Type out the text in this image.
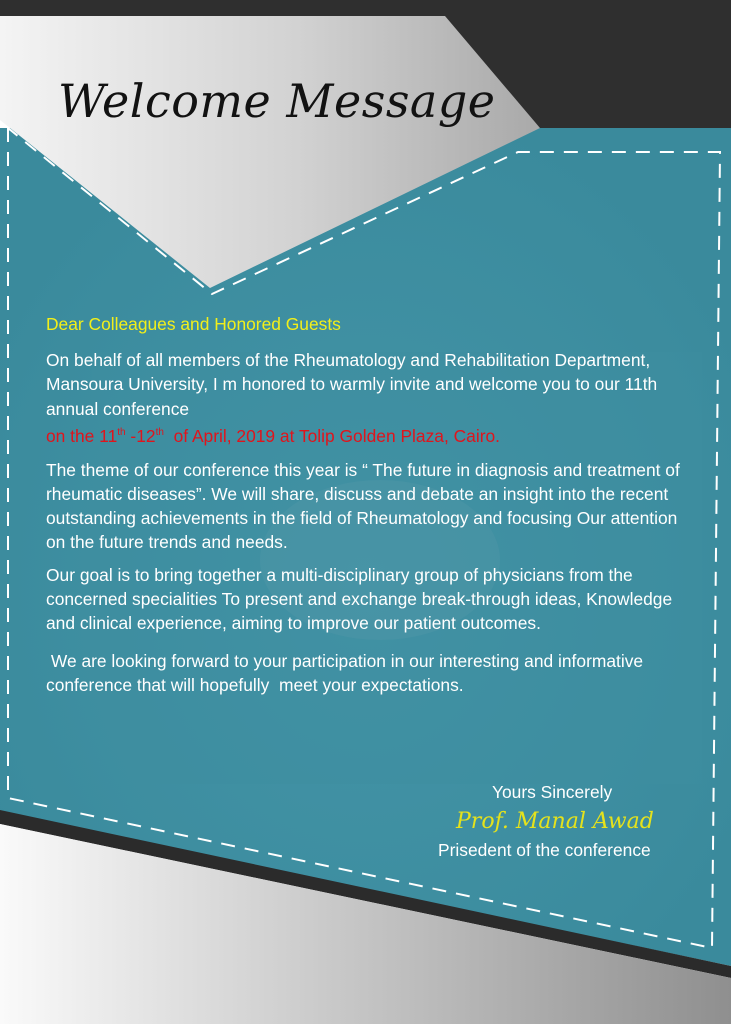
Welcome Message

Dear Colleagues and Honored Guests

On behalf of all members of the Rheumatology and Rehabilitation Department, Mansoura University, I m honored to warmly invite and welcome you to our 11th annual conference

on the 11th -12th  of April, 2019 at Tolip Golden Plaza, Cairo.

The theme of our conference this year is “ The future in diagnosis and treatment of rheumatic diseases”. We will share, discuss and debate an insight into the recent outstanding achievements in the field of Rheumatology and focusing Our attention on the future trends and needs.

Our goal is to bring together a multi-disciplinary group of physicians from the concerned specialities To present and exchange break-through ideas, Knowledge and clinical experience, aiming to improve our patient outcomes.

We are looking forward to your participation in our interesting and informative conference that will hopefully  meet your expectations.

Yours Sincerely
Prof. Manal Awad
Prisedent of the conference
